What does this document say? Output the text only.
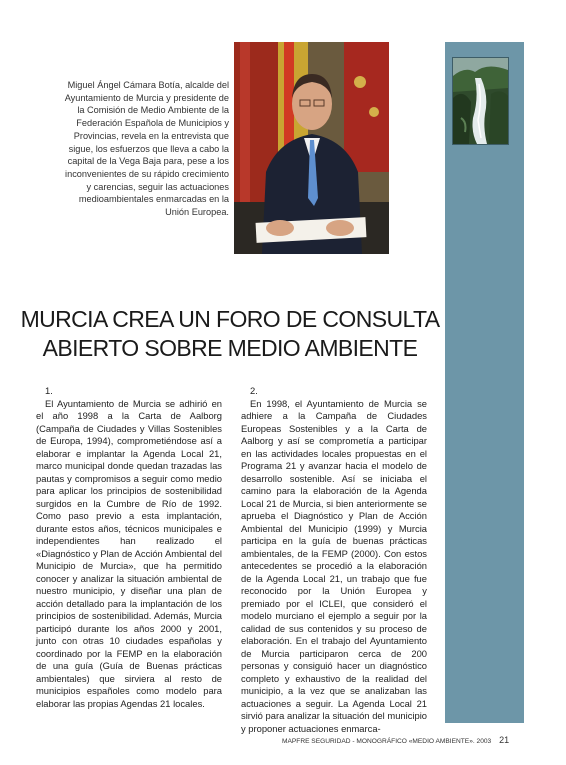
Miguel Ángel Cámara Botía, alcalde del Ayuntamiento de Murcia y presidente de la Comisión de Medio Ambiente de la Federación Española de Municipios y Provincias, revela en la entrevista que sigue, los esfuerzos que lleva a cabo la capital de la Vega Baja para, pese a los inconvenientes de su rápido crecimiento y carencias, seguir las actuaciones medioambientales enmarcadas en la Unión Europea.
MURCIA CREA UN FORO DE CONSULTA
ABIERTO SOBRE MEDIO AMBIENTE
1.

El Ayuntamiento de Murcia se adhirió en el año 1998 a la Carta de Aalborg (Campaña de Ciudades y Villas Sostenibles de Europa, 1994), comprometiéndose así a elaborar e implantar la Agenda Local 21, marco municipal donde quedan trazadas las pautas y compromisos a seguir como medio para aplicar los principios de sostenibilidad surgidos en la Cumbre de Río de 1992. Como paso previo a esta implantación, durante estos años, técnicos municipales e independientes han realizado el «Diagnóstico y Plan de Acción Ambiental del Municipio de Murcia», que ha permitido conocer y analizar la situación ambiental de nuestro municipio, y diseñar una plan de acción detallado para la implantación de los principios de sostenibilidad. Además, Murcia participó durante los años 2000 y 2001, junto con otras 10 ciudades españolas y coordinado por la FEMP en la elaboración de una guía (Guía de Buenas prácticas ambientales) que sirviera al resto de municipios españoles como modelo para elaborar las propias Agendas 21 locales.

2.

En 1998, el Ayuntamiento de Murcia se adhiere a la Campaña de Ciudades Europeas Sostenibles y a la Carta de Aalborg y así se comprometía a participar en las actividades locales propuestas en el Programa 21 y avanzar hacia el modelo de desarrollo sostenible. Así se iniciaba el camino para la elaboración de la Agenda Local 21 de Murcia, si bien anteriormente se aprueba el Diagnóstico y Plan de Acción Ambiental del Municipio (1999) y Murcia participa en la guía de buenas prácticas ambientales, de la FEMP (2000). Con estos antecedentes se procedió a la elaboración de la Agenda Local 21, un trabajo que fue reconocido por la Unión Europea y premiado por el ICLEI, que consideró el modelo murciano el ejemplo a seguir por la calidad de sus contenidos y su proceso de elaboración. En el trabajo del Ayuntamiento de Murcia participaron cerca de 200 personas y consiguió hacer un diagnóstico completo y exhaustivo de la realidad del municipio, a la vez que se analizaban las actuaciones a seguir. La Agenda Local 21 sirvió para analizar la situación del municipio y proponer actuaciones enmarca-

MAPFRE SEGURIDAD - MONOGRÁFICO «MEDIO AMBIENTE». 2003 21
